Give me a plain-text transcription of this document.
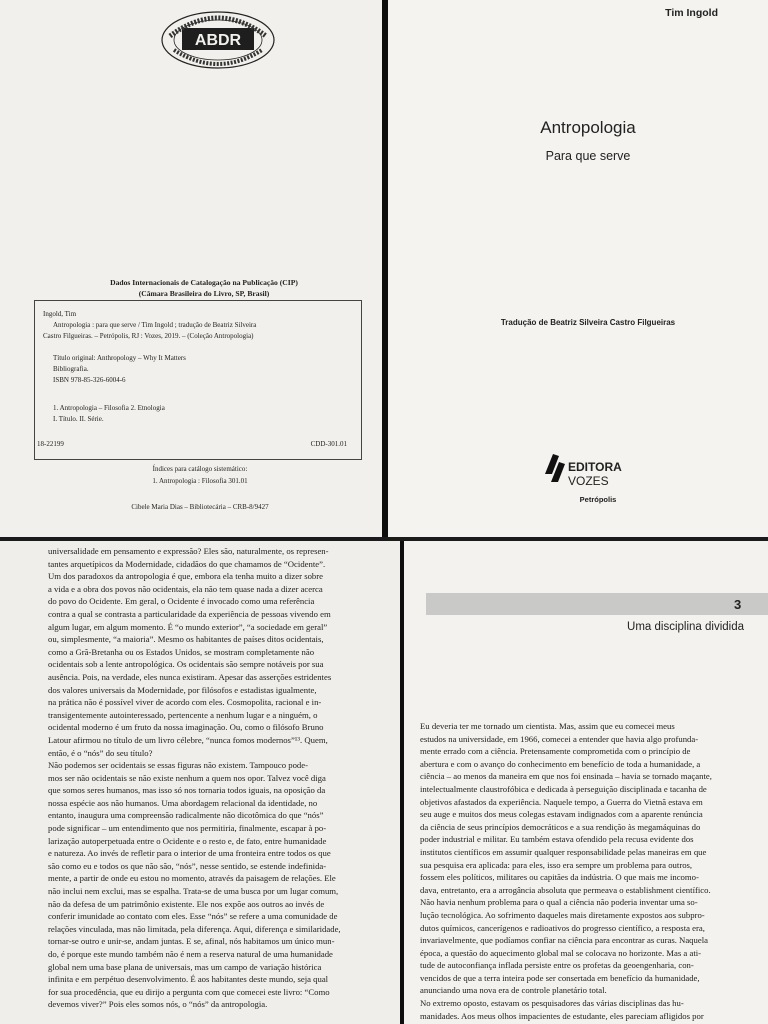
ABDR
Dados Internacionais de Catalogação na Publicação (CIP)
(Câmara Brasileira do Livro, SP, Brasil)
Ingold, Tim
Antropologia : para que serve / Tim Ingold ; tradução de Beatriz Silveira
Castro Filgueiras. – Petrópolis, RJ : Vozes, 2019. – (Coleção Antropologia)
Título original: Anthropology – Why It Matters
Bibliografia.
ISBN 978-85-326-6004-6
1. Antropologia – Filosofia 2. Etnologia
I. Título. II. Série.
18-22199	CDD-301.01
Índices para catálogo sistemático:
1. Antropologia : Filosofia 301.01
Cibele Maria Dias – Bibliotecária – CRB-8/9427
Tim Ingold
Antropologia
Para que serve
Tradução de Beatriz Silveira Castro Filgueiras
EDITORA
VOZES
Petrópolis
universalidade em pensamento e expressão? Eles são, naturalmente, os represen-
tantes arquetípicos da Modernidade, cidadãos do que chamamos de “Ocidente”.
Um dos paradoxos da antropologia é que, embora ela tenha muito a dizer sobre
a vida e a obra dos povos não ocidentais, ela não tem quase nada a dizer acerca
do povo do Ocidente. Em geral, o Ocidente é invocado como uma referência
contra a qual se contrasta a particularidade da experiência de pessoas vivendo em
algum lugar, em algum momento. É “o mundo exterior”, “a sociedade em geral”
ou, simplesmente, “a maioria”. Mesmo os habitantes de países ditos ocidentais,
como a Grã-Bretanha ou os Estados Unidos, se mostram completamente não
ocidentais sob a lente antropológica. Os ocidentais são sempre notáveis por sua
ausência. Pois, na verdade, eles nunca existiram. Apesar das asserções estridentes
dos valores universais da Modernidade, por filósofos e estadistas igualmente,
na prática não é possível viver de acordo com eles. Cosmopolita, racional e in-
transigentemente autointeressado, pertencente a nenhum lugar e a ninguém, o
ocidental moderno é um fruto da nossa imaginação. Ou, como o filósofo Bruno
Latour afirmou no título de um livro célebre, “nunca fomos modernos”¹³. Quem,
então, é o “nós” do seu título?
Não podemos ser ocidentais se essas figuras não existem. Tampouco pode-
mos ser não ocidentais se não existe nenhum a quem nos opor. Talvez você diga
que somos seres humanos, mas isso só nos tornaria todos iguais, na oposição da
nossa espécie aos não humanos. Uma abordagem relacional da identidade, no
entanto, inaugura uma compreensão radicalmente não dicotômica do que “nós”
pode significar – um entendimento que nos permitiria, finalmente, escapar à po-
larização autoperpetuada entre o Ocidente e o resto e, de fato, entre humanidade
e natureza. Ao invés de refletir para o interior de uma fronteira entre todos os que
são como eu e todos os que não são, “nós”, nesse sentido, se estende indefinida-
mente, a partir de onde eu estou no momento, através da paisagem de relações. Ele
não inclui nem exclui, mas se espalha. Trata-se de uma busca por um lugar comum,
não da defesa de um patrimônio existente. Ele nos expõe aos outros ao invés de
conferir imunidade ao contato com eles. Esse “nós” se refere a uma comunidade de
relações vinculada, mas não limitada, pela diferença. Aqui, diferença e similaridade,
tornar-se outro e unir-se, andam juntas. E se, afinal, nós habitamos um único mun-
do, é porque este mundo também não é nem a reserva natural de uma humanidade
global nem uma base plana de universais, mas um campo de variação histórica
infinita e em perpétuo desenvolvimento. É aos habitantes deste mundo, seja qual
for sua procedência, que eu dirijo a pergunta com que comecei este livro: “Como
devemos viver?” Pois eles somos nós, o “nós” da antropologia.
3
Uma disciplina dividida
Eu deveria ter me tornado um cientista. Mas, assim que eu comecei meus
estudos na universidade, em 1966, comecei a entender que havia algo profunda-
mente errado com a ciência. Pretensamente comprometida com o princípio de
abertura e com o avanço do conhecimento em benefício de toda a humanidade, a
ciência – ao menos da maneira em que nos foi ensinada – havia se tornado maçante,
intelectualmente claustrofóbica e dedicada à perseguição disciplinada e tacanha de
objetivos afastados da experiência. Naquele tempo, a Guerra do Vietnã estava em
seu auge e muitos dos meus colegas estavam indignados com a aparente renúncia
da ciência de seus princípios democráticos e a sua rendição às megamáquinas do
poder industrial e militar. Eu também estava ofendido pela recusa evidente dos
institutos científicos em assumir qualquer responsabilidade pelas maneiras em que
sua pesquisa era aplicada: para eles, isso era sempre um problema para outros,
fossem eles políticos, militares ou capitães da indústria. O que mais me incomo-
dava, entretanto, era a arrogância absoluta que permeava o establishment científico.
Não havia nenhum problema para o qual a ciência não poderia inventar uma so-
lução tecnológica. Ao sofrimento daqueles mais diretamente expostos aos subpro-
dutos químicos, cancerígenos e radioativos do progresso científico, a resposta era,
invariavelmente, que podíamos confiar na ciência para encontrar as curas. Naquela
época, a questão do aquecimento global mal se colocava no horizonte. Mas a ati-
tude de autoconfiança inflada persiste entre os profetas da geoengenharia, con-
vencidos de que a terra inteira pode ser consertada em benefício da humanidade,
anunciando uma nova era de controle planetário total.
No extremo oposto, estavam os pesquisadores das várias disciplinas das hu-
manidades. Aos meus olhos impacientes de estudante, eles pareciam afligidos por
